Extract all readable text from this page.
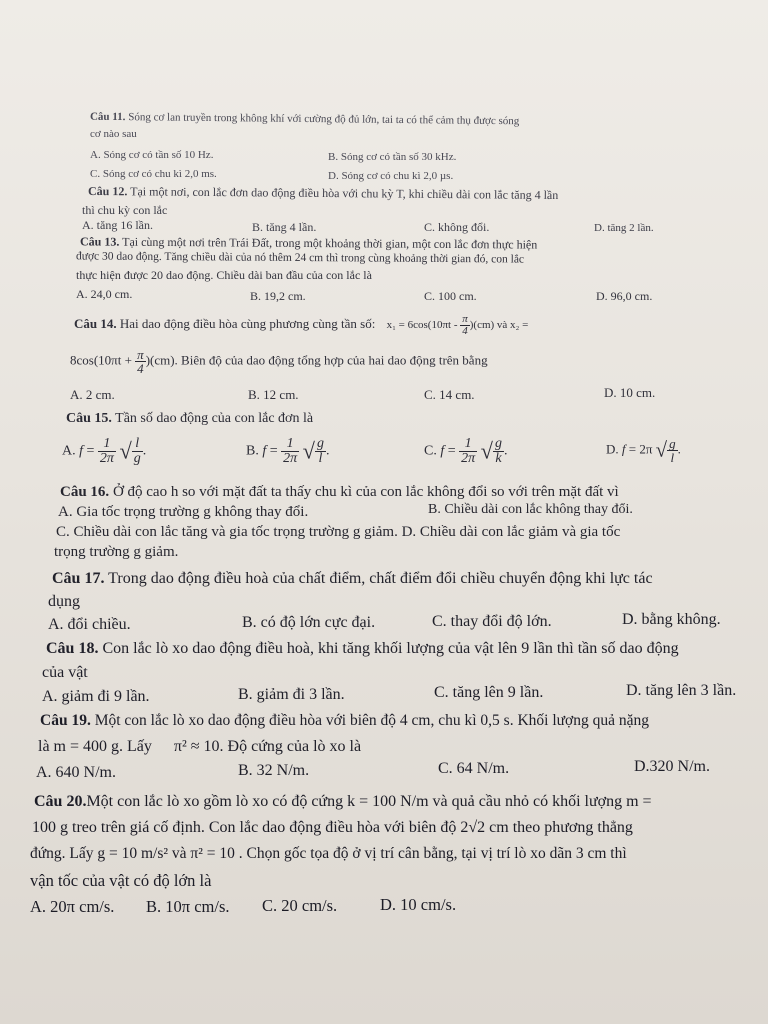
Câu 11. Sóng cơ lan truyền trong không khí với cường độ đủ lớn, tai ta có thể cảm thụ được sóng
cơ nào sau
A. Sóng cơ có tần số 10 Hz.	B. Sóng cơ có tần số 30 kHz.
C. Sóng cơ có chu kì 2,0 ms.	D. Sóng cơ có chu kì 2,0 µs.
Câu 12. Tại một nơi, con lắc đơn dao động điều hòa với chu kỳ T, khi chiều dài con lắc tăng 4 lần
thì chu kỳ con lắc
A. tăng 16 lần.	B. tăng 4 lần.	C. không đổi.	D. tăng 2 lần.
Câu 13. Tại cùng một nơi trên Trái Đất, trong một khoảng thời gian, một con lắc đơn thực hiện
được 30 dao động. Tăng chiều dài của nó thêm 24 cm thì trong cùng khoảng thời gian đó, con lắc
thực hiện được 20 dao động. Chiều dài ban đầu của con lắc là
A. 24,0 cm.	B. 19,2 cm.	C. 100 cm.	D. 96,0 cm.
Câu 14. Hai dao động điều hòa cùng phương cùng tần số: $x_1 = 6\cos(10\pi t - \frac{\pi}{4} )(cm)$ và x₂ =
$8\cos(10\pi t + \frac{\pi}{4} )(cm)$. Biên độ của dao động tổng hợp của hai dao động trên bằng
A. 2 cm.	B. 12 cm.	C. 14 cm.	D. 10 cm.
Câu 15. Tần số dao động của con lắc đơn là
A. $f = \frac{1}{2\pi}$ √ $\frac{l}{g}$ .	B. $f = \frac{1}{2\pi}$ √ $\frac{g}{l}$ .	C. $f = \frac{1}{2\pi}$ √ $\frac{g}{k}$ .	D. f = 2π √ $\frac{g}{l}$ .
Câu 16. Ở độ cao h so với mặt đất ta thấy chu kì của con lắc không đổi so với trên mặt đất vì
A. Gia tốc trọng trường g không thay đổi.	B. Chiều dài con lắc không thay đổi.
C. Chiều dài con lắc tăng và gia tốc trọng trường g giảm. D. Chiều dài con lắc giảm và gia tốc
trọng trường g giảm.
Câu 17. Trong dao động điều hoà của chất điểm, chất điểm đổi chiều chuyển động khi lực tác
dụng
A. đổi chiều.	B. có độ lớn cực đại.	C. thay đổi độ lớn.	D. bằng không.
Câu 18. Con lắc lò xo dao động điều hoà, khi tăng khối lượng của vật lên 9 lần thì tần số dao động
của vật
A. giảm đi 9 lần.	B. giảm đi 3 lần.	C. tăng lên 9 lần.	D. tăng lên 3 lần.
Câu 19. Một con lắc lò xo dao động điều hòa với biên độ 4 cm, chu kì 0,5 s. Khối lượng quả nặng
là m = 400 g. Lấy π² ≈ 10. Độ cứng của lò xo là
A. 640 N/m.	B. 32 N/m.	C. 64 N/m.	D.320 N/m.
Câu 20.Một con lắc lò xo gồm lò xo có độ cứng k = 100 N/m và quả cầu nhỏ có khối lượng m =
100 g treo trên giá cố định. Con lắc dao động điều hòa với biên độ 2√2 cm theo phương thẳng
đứng. Lấy g = 10 m/s² và π² = 10 . Chọn gốc tọa độ ở vị trí cân bằng, tại vị trí lò xo dãn 3 cm thì
vận tốc của vật có độ lớn là
A. 20π cm/s. B. 10π cm/s. C. 20 cm/s.	D. 10 cm/s.
